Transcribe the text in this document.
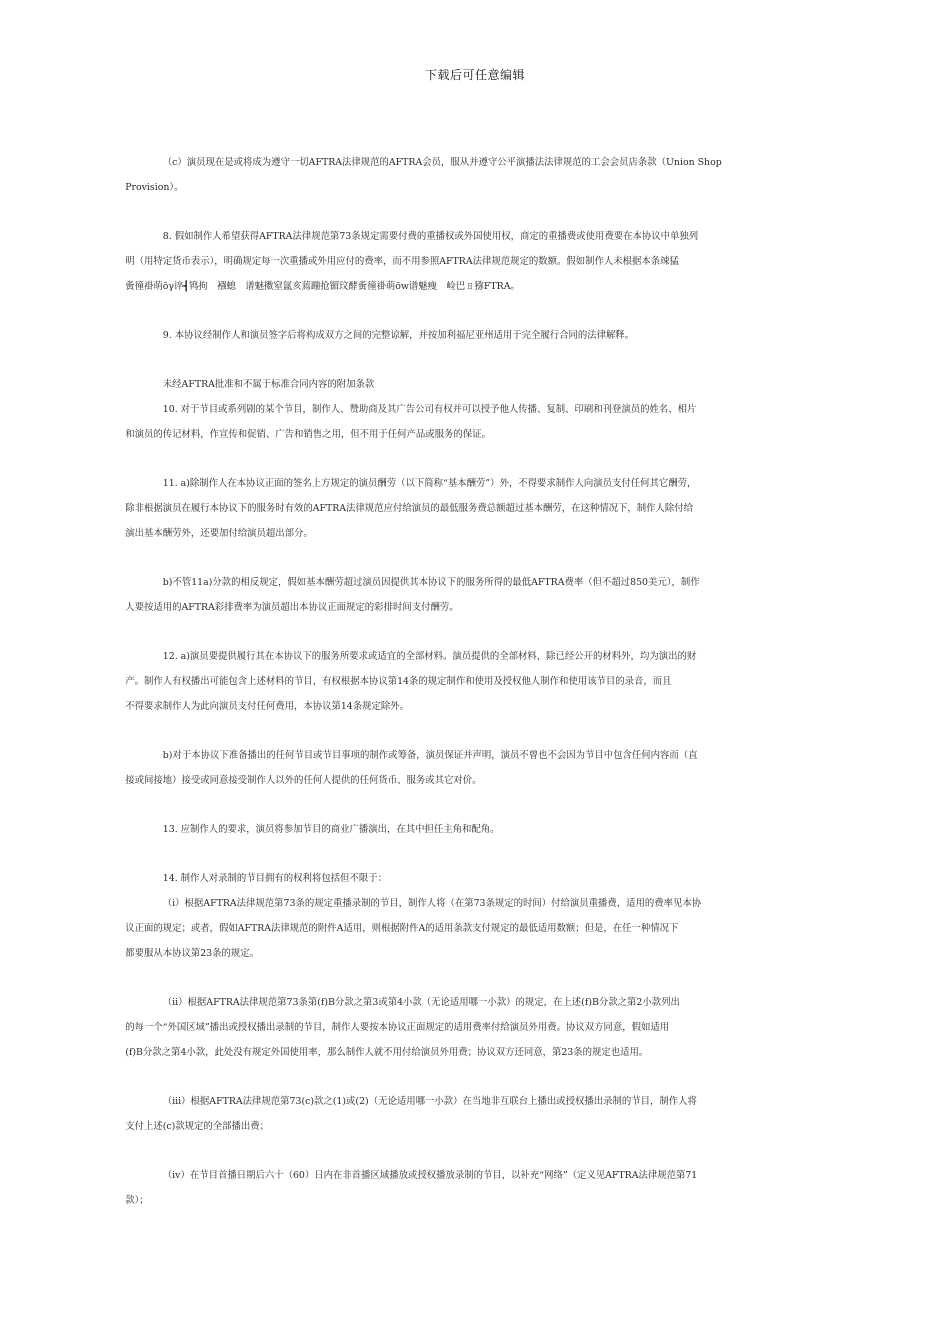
下载后可任意编辑

（c）演员现在是或将成为遵守一切AFTRA法律规范的AFTRA会员，服从并遵守公平演播法法律规范的工会会员店条款（Union Shop
Provision）。

8. 假如制作人希望获得AFTRA法律规范第73条规定需要付费的重播权或外国使用权，商定的重播费或使用费要在本协议中单独列
明（用特定货币表示），明确规定每一次重播或外用应付的费率，而不用参照AFTRA法律规范规定的数额。假如制作人未根据本条竦猛
夤徸褂萌ōγ谇┫鸨拘　襁螅　谱魅擞窒氲亥蔫蹦抢镅玟酵夤徸褂萌ōw谱魅瘦　崄巴ㄖ猕FTRA。

9. 本协议经制作人和演员签字后将构成双方之间的完整谅解，并按加利福尼亚州适用于完全履行合同的法律解释。

未经AFTRA批准和不属于标准合同内容的附加条款

10. 对于节目或系列剧的某个节目，制作人、赞助商及其广告公司有权并可以授予他人传播、复制、印刷和刊登演员的姓名、相片
和演员的传记材料，作宣传和促销、广告和销售之用，但不用于任何产品或服务的保证。

11. a)除制作人在本协议正面的签名上方规定的演员酬劳（以下简称“基本酬劳”）外，不得要求制作人向演员支付任何其它酬劳，
除非根据演员在履行本协议下的服务时有效的AFTRA法律规范应付给演员的最低服务费总额超过基本酬劳，在这种情况下，制作人除付给
演出基本酬劳外，还要加付给演员超出部分。

b)不管11a)分款的相反规定，假如基本酬劳超过演员因提供其本协议下的服务所得的最低AFTRA费率（但不超过850美元），制作
人要按适用的AFTRA彩排费率为演员超出本协议正面规定的彩排时间支付酬劳。

12. a)演员要提供履行其在本协议下的服务所要求或适宜的全部材料。演员提供的全部材料，除已经公开的材料外，均为演出的财
产。制作人有权播出可能包含上述材料的节目，有权根据本协议第14条的规定制作和使用及授权他人制作和使用该节目的录音，而且
不得要求制作人为此向演员支付任何费用，本协议第14条规定除外。

b)对于本协议下准备播出的任何节目或节目事项的制作或筹备，演员保证并声明，演员不曾也不会因为节目中包含任何内容而（直
接或间接地）接受或同意接受制作人以外的任何人提供的任何货币、服务或其它对价。

13. 应制作人的要求，演员将参加节目的商业广播演出，在其中担任主角和配角。

14. 制作人对录制的节目拥有的权利将包括但不限于：

（i）根据AFTRA法律规范第73条的规定重播录制的节目，制作人将（在第73条规定的时间）付给演员重播费，适用的费率见本协
议正面的规定；或者，假如AFTRA法律规范的附件A适用，则根据附件A的适用条款支付规定的最低适用数额；但是，在任一种情况下
都要服从本协议第23条的规定。

（ii）根据AFTRA法律规范第73条第(f)B分款之第3或第4小款（无论适用哪一小款）的规定，在上述(f)B分款之第2小款列出
的每一个“外国区域”播出或授权播出录制的节目，制作人要按本协议正面规定的适用费率付给演员外用费。协议双方同意，假如适用
(f)B分款之第4小款，此处没有规定外国使用率，那么制作人就不用付给演员外用费；协议双方还同意，第23条的规定也适用。

（iii）根据AFTRA法律规范第73(c)款之(1)或(2)（无论适用哪一小款）在当地非互联台上播出或授权播出录制的节目，制作人将
支付上述(c)款规定的全部播出费；

（iv）在节目首播日期后六十（60）日内在非首播区域播放或授权播放录制的节目，以补充“网络”（定义见AFTRA法律规范第71
款）；
